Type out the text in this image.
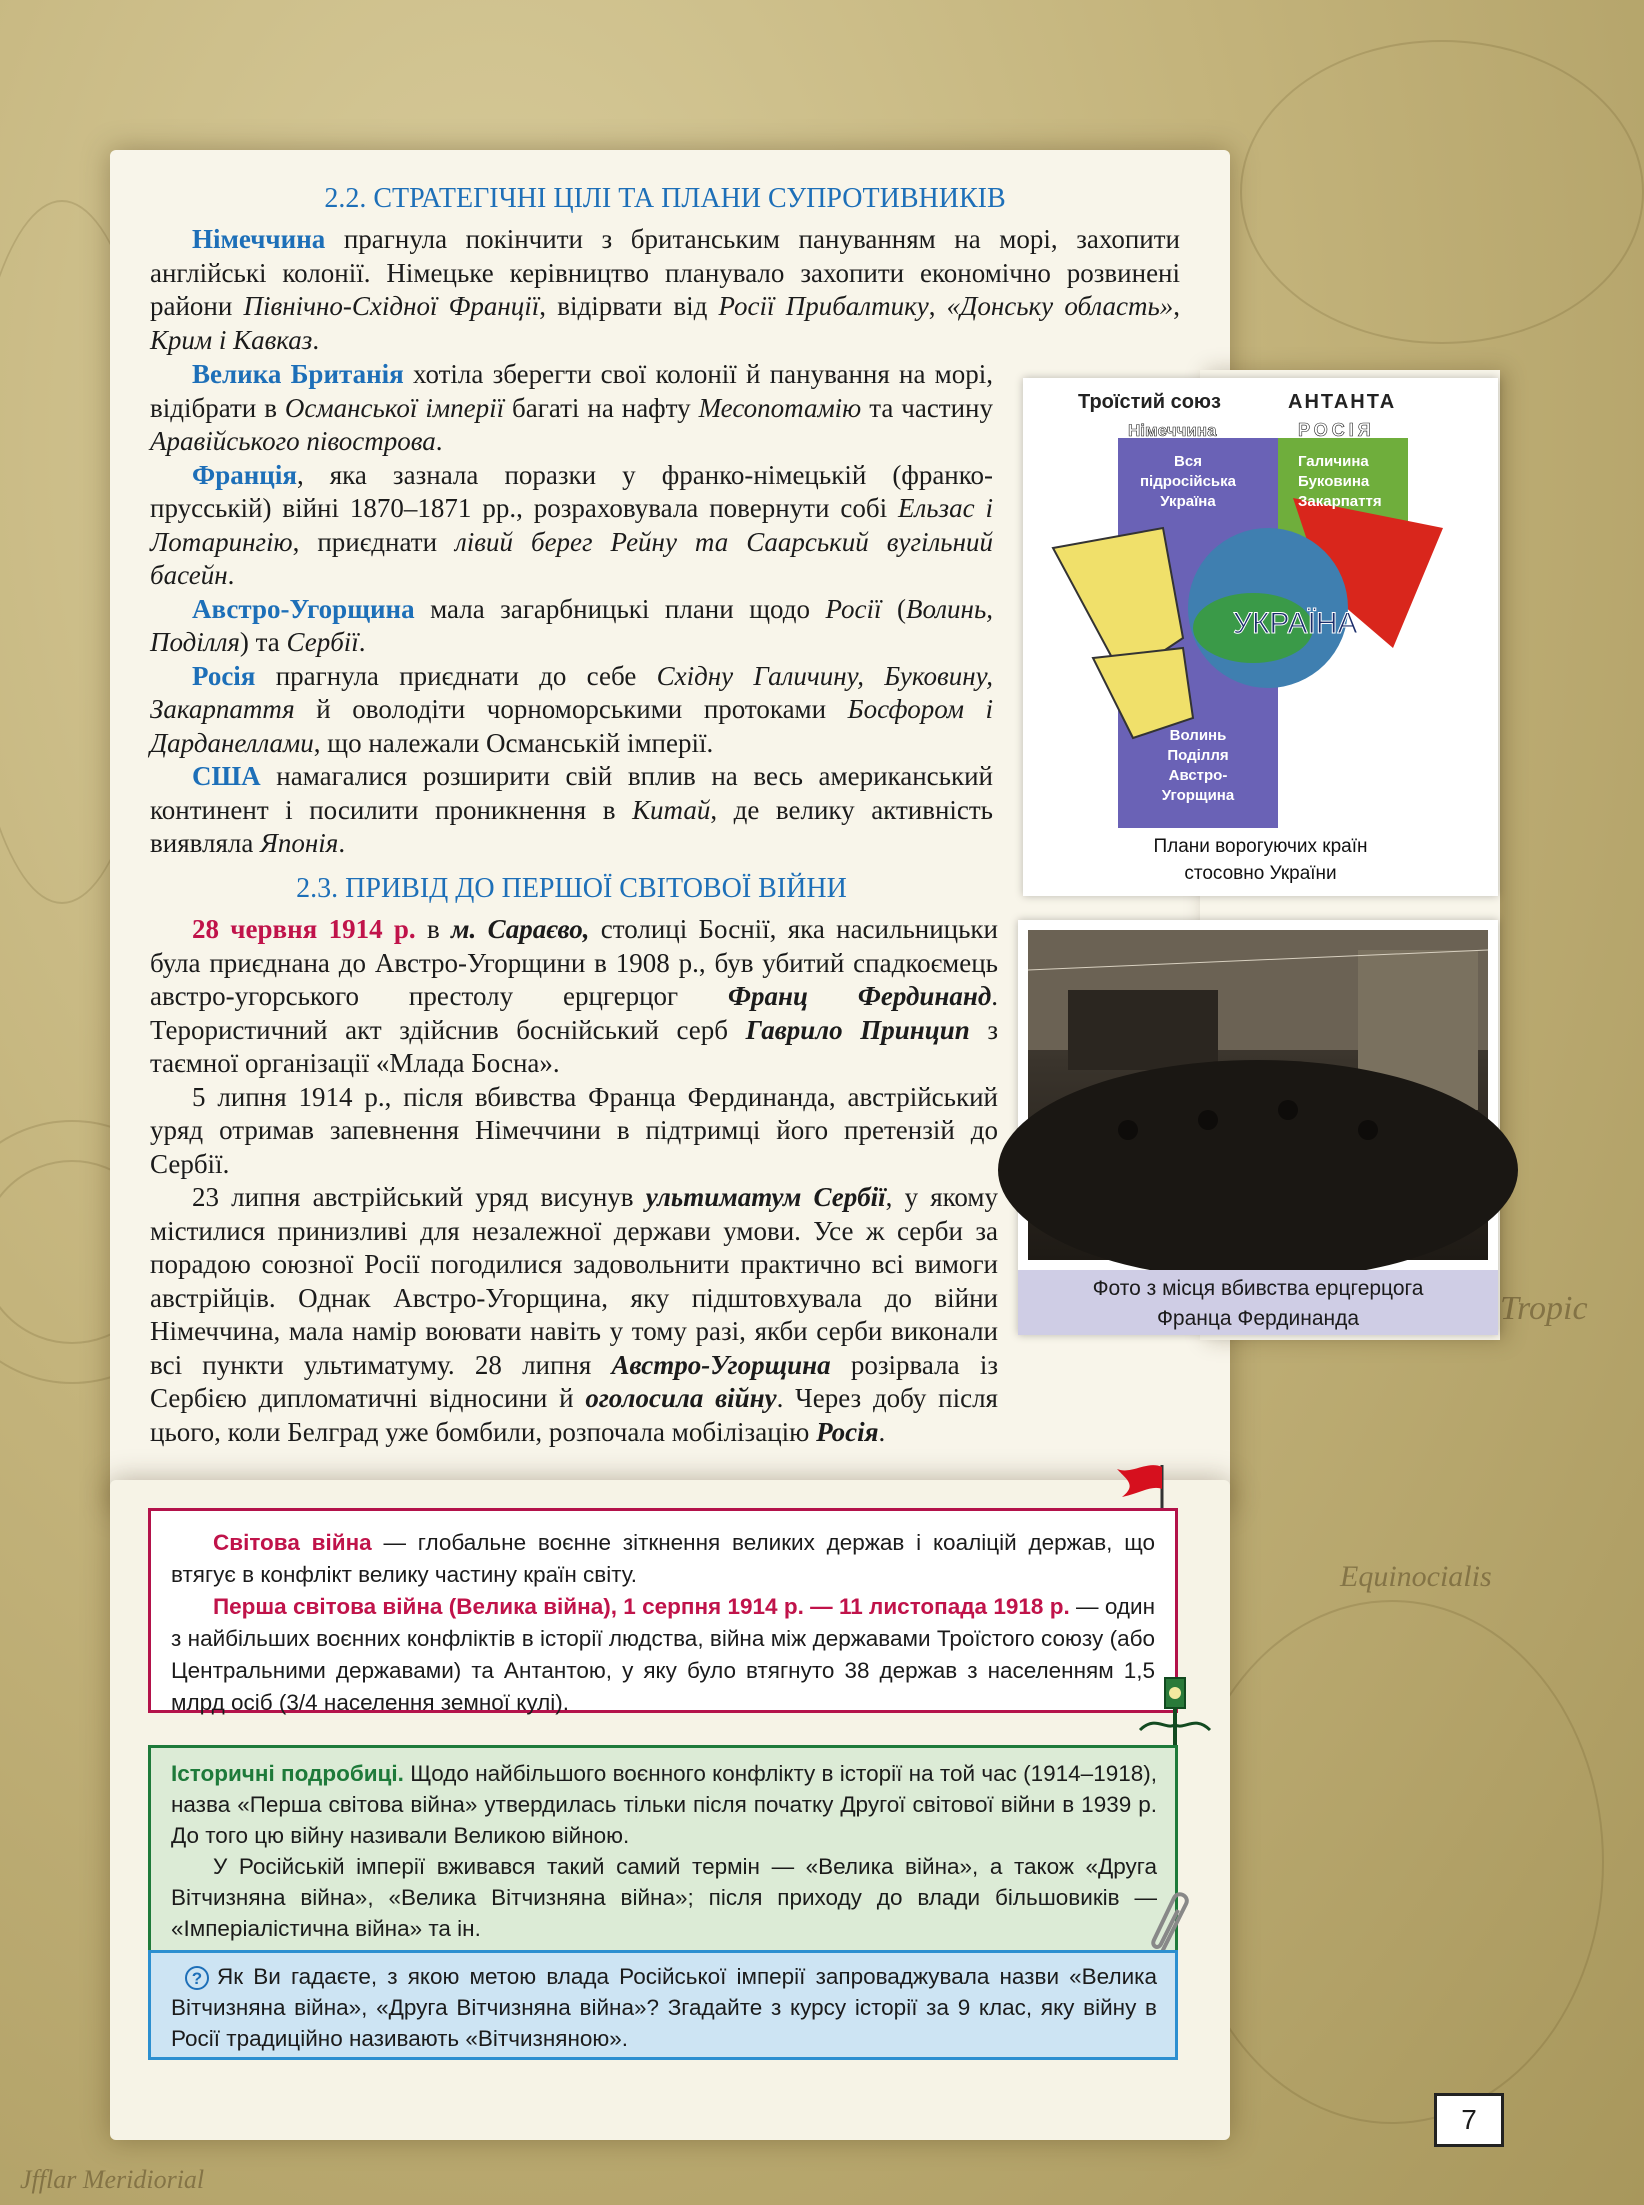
Jfflar Meridiorial
Tropic
Equinocialis
2.2. СТРАТЕГІЧНІ ЦІЛІ ТА ПЛАНИ СУПРОТИВНИКІВ

Німеччина прагнула покінчити з британським пануванням на морі, захопити англійські колонії. Німецьке керівництво планувало захопити економічно розвинені райони Північно-Східної Франції, відірвати від Росії Прибалтику, «Донську область», Крим і Кавказ.

Велика Британія хотіла зберегти свої колонії й панування на морі, відібрати в Османської імперії багаті на нафту Месопотамію та частину Аравійського півострова.

Франція, яка зазнала поразки у франко-німецькій (франко-прусській) війні 1870–1871 рр., розраховувала повернути собі Ельзас і Лотарингію, приєднати лівий берег Рейну та Саарський вугільний басейн.

Австро-Угорщина мала загарбницькі плани щодо Росії (Волинь, Поділля) та Сербії.

Росія прагнула приєднати до себе Східну Галичину, Буковину, Закарпаття й оволодіти чорноморськими протоками Босфором і Дарданеллами, що належали Османській імперії.

США намагалися розширити свій вплив на весь американський континент і посилити проникнення в Китай, де велику активність виявляла Японія.

УКРАЇНА
Троїстий союз	АНТАНТА
Німеччина	РОСІЯ
Вся
підросійська
Україна
Галичина
Буковина
Закарпаття
Волинь
Поділля
Австро-
Угорщина
Плани ворогуючих країн
стосовно України
2.3. ПРИВІД ДО ПЕРШОЇ СВІТОВОЇ ВІЙНИ

28 червня 1914 р. в м. Сараєво, столиці Боснії, яка насильницьки була приєднана до Австро-Угорщини в 1908 р., був убитий спадкоємець австро-угорського престолу ерцгерцог Франц Фердинанд. Терористичний акт здійснив боснійський серб Гаврило Принцип з таємної організації «Млада Босна».

5 липня 1914 р., після вбивства Франца Фердинанда, австрійський уряд отримав запевнення Німеччини в підтримці його претензій до Сербії.

23 липня австрійський уряд висунув ультиматум Сербії, у якому містилися принизливі для незалежної держави умови. Усе ж серби за порадою союзної Росії погодилися задовольнити практично всі вимоги австрійців. Однак Австро-Угорщина, яку підштовхувала до війни Німеччина, мала намір воювати навіть у тому разі, якби серби виконали всі пункти ультиматуму. 28 липня Австро-Угорщина розірвала із Сербією дипломатичні відносини й оголосила війну. Через добу після цього, коли Белград уже бомбили, розпочала мобілізацію Росія.

Фото з місця вбивства ерцгерцога
Франца Фердинанда

Світова війна — глобальне воєнне зіткнення великих держав і коаліцій держав, що втягує в конфлікт велику частину країн світу.

Перша світова війна (Велика війна), 1 серпня 1914 р. — 11 листопада 1918 р. — один з найбільших воєнних конфліктів в історії людства, війна між державами Троїстого союзу (або Центральними державами) та Антантою, у яку було втягнуто 38 держав з населенням 1,5 млрд осіб (3/4 населення земної кулі).

Історичні подробиці. Щодо найбільшого воєнного конфлікту в історії на той час (1914–1918), назва «Перша світова війна» утвердилась тільки після початку Другої світової війни в 1939 р. До того цю війну називали Великою війною.

У Російській імперії вживався такий самий термін — «Велика війна», а також «Друга Вітчизняна війна», «Велика Вітчизняна війна»; після приходу до влади більшовиків — «Імперіалістична війна» та ін.

? Як Ви гадаєте, з якою метою влада Російської імперії запроваджувала назви «Велика Вітчизняна війна», «Друга Вітчизняна війна»? Згадайте з курсу історії за 9 клас, яку війну в Росії традиційно називають «Вітчизняною».

7
